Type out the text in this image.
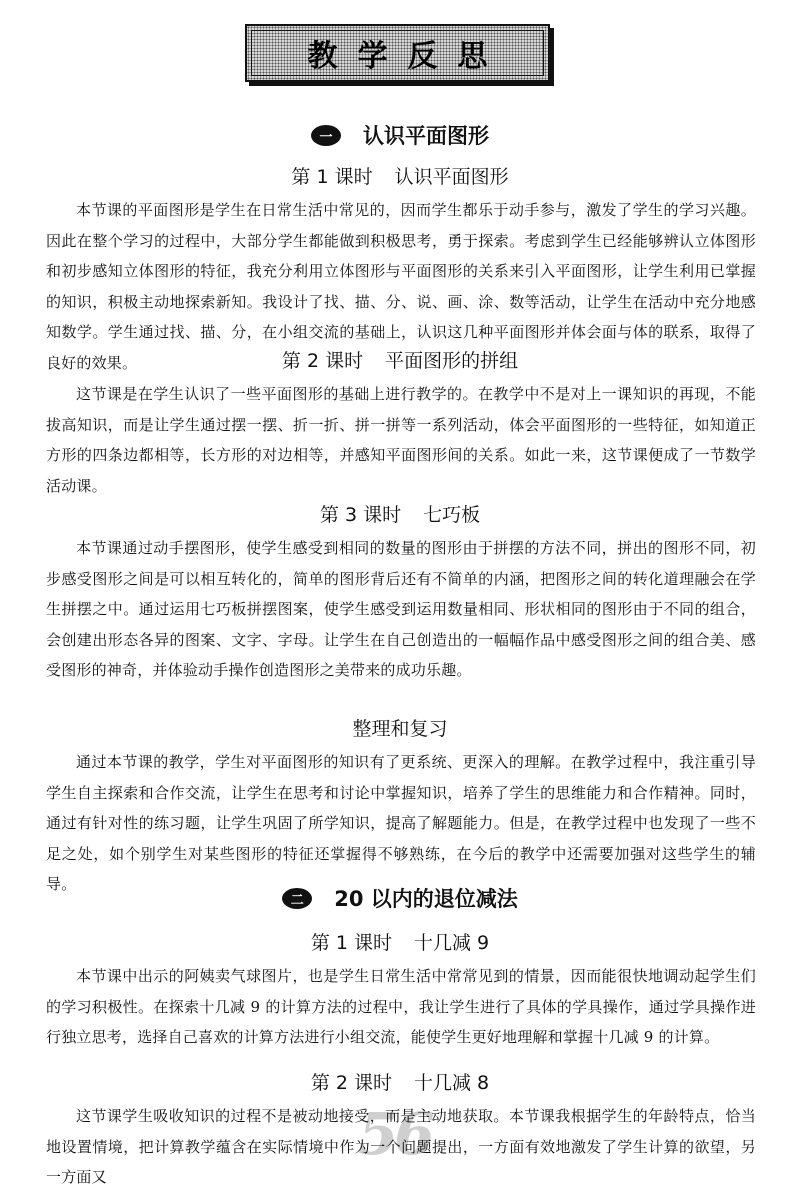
教学反思
56
一	认识平面图形
第 1 课时 认识平面图形
本节课的平面图形是学生在日常生活中常见的，因而学生都乐于动手参与，激发了学生的学习兴趣。因此在整个学习的过程中，大部分学生都能做到积极思考，勇于探索。考虑到学生已经能够辨认立体图形和初步感知立体图形的特征，我充分利用立体图形与平面图形的关系来引入平面图形，让学生利用已掌握的知识，积极主动地探索新知。我设计了找、描、分、说、画、涂、数等活动，让学生在活动中充分地感知数学。学生通过找、描、分，在小组交流的基础上，认识这几种平面图形并体会面与体的联系，取得了良好的效果。	第 2 课时 平面图形的拼组
这节课是在学生认识了一些平面图形的基础上进行教学的。在教学中不是对上一课知识的再现，不能拔高知识，而是让学生通过摆一摆、折一折、拼一拼等一系列活动，体会平面图形的一些特征，如知道正方形的四条边都相等，长方形的对边相等，并感知平面图形间的关系。如此一来，这节课便成了一节数学活动课。
第 3 课时 七巧板
本节课通过动手摆图形，使学生感受到相同的数量的图形由于拼摆的方法不同，拼出的图形不同，初步感受图形之间是可以相互转化的，简单的图形背后还有不简单的内涵，把图形之间的转化道理融会在学生拼摆之中。通过运用七巧板拼摆图案，使学生感受到运用数量相同、形状相同的图形由于不同的组合，会创建出形态各异的图案、文字、字母。让学生在自己创造出的一幅幅作品中感受图形之间的组合美、感受图形的神奇，并体验动手操作创造图形之美带来的成功乐趣。
整理和复习
通过本节课的教学，学生对平面图形的知识有了更系统、更深入的理解。在教学过程中，我注重引导学生自主探索和合作交流，让学生在思考和讨论中掌握知识，培养了学生的思维能力和合作精神。同时，通过有针对性的练习题，让学生巩固了所学知识，提高了解题能力。但是，在教学过程中也发现了一些不足之处，如个别学生对某些图形的特征还掌握得不够熟练，在今后的教学中还需要加强对这些学生的辅导。
二	20 以内的退位减法
第 1 课时 十几减 9
本节课中出示的阿姨卖气球图片，也是学生日常生活中常常见到的情景，因而能很快地调动起学生们的学习积极性。在探索十几减 9 的计算方法的过程中，我让学生进行了具体的学具操作，通过学具操作进行独立思考，选择自己喜欢的计算方法进行小组交流，能使学生更好地理解和掌握十几减 9 的计算。
第 2 课时 十几减 8
这节课学生吸收知识的过程不是被动地接受，而是主动地获取。本节课我根据学生的年龄特点，恰当地设置情境，把计算教学蕴含在实际情境中作为一个问题提出，一方面有效地激发了学生计算的欲望，另一方面又
